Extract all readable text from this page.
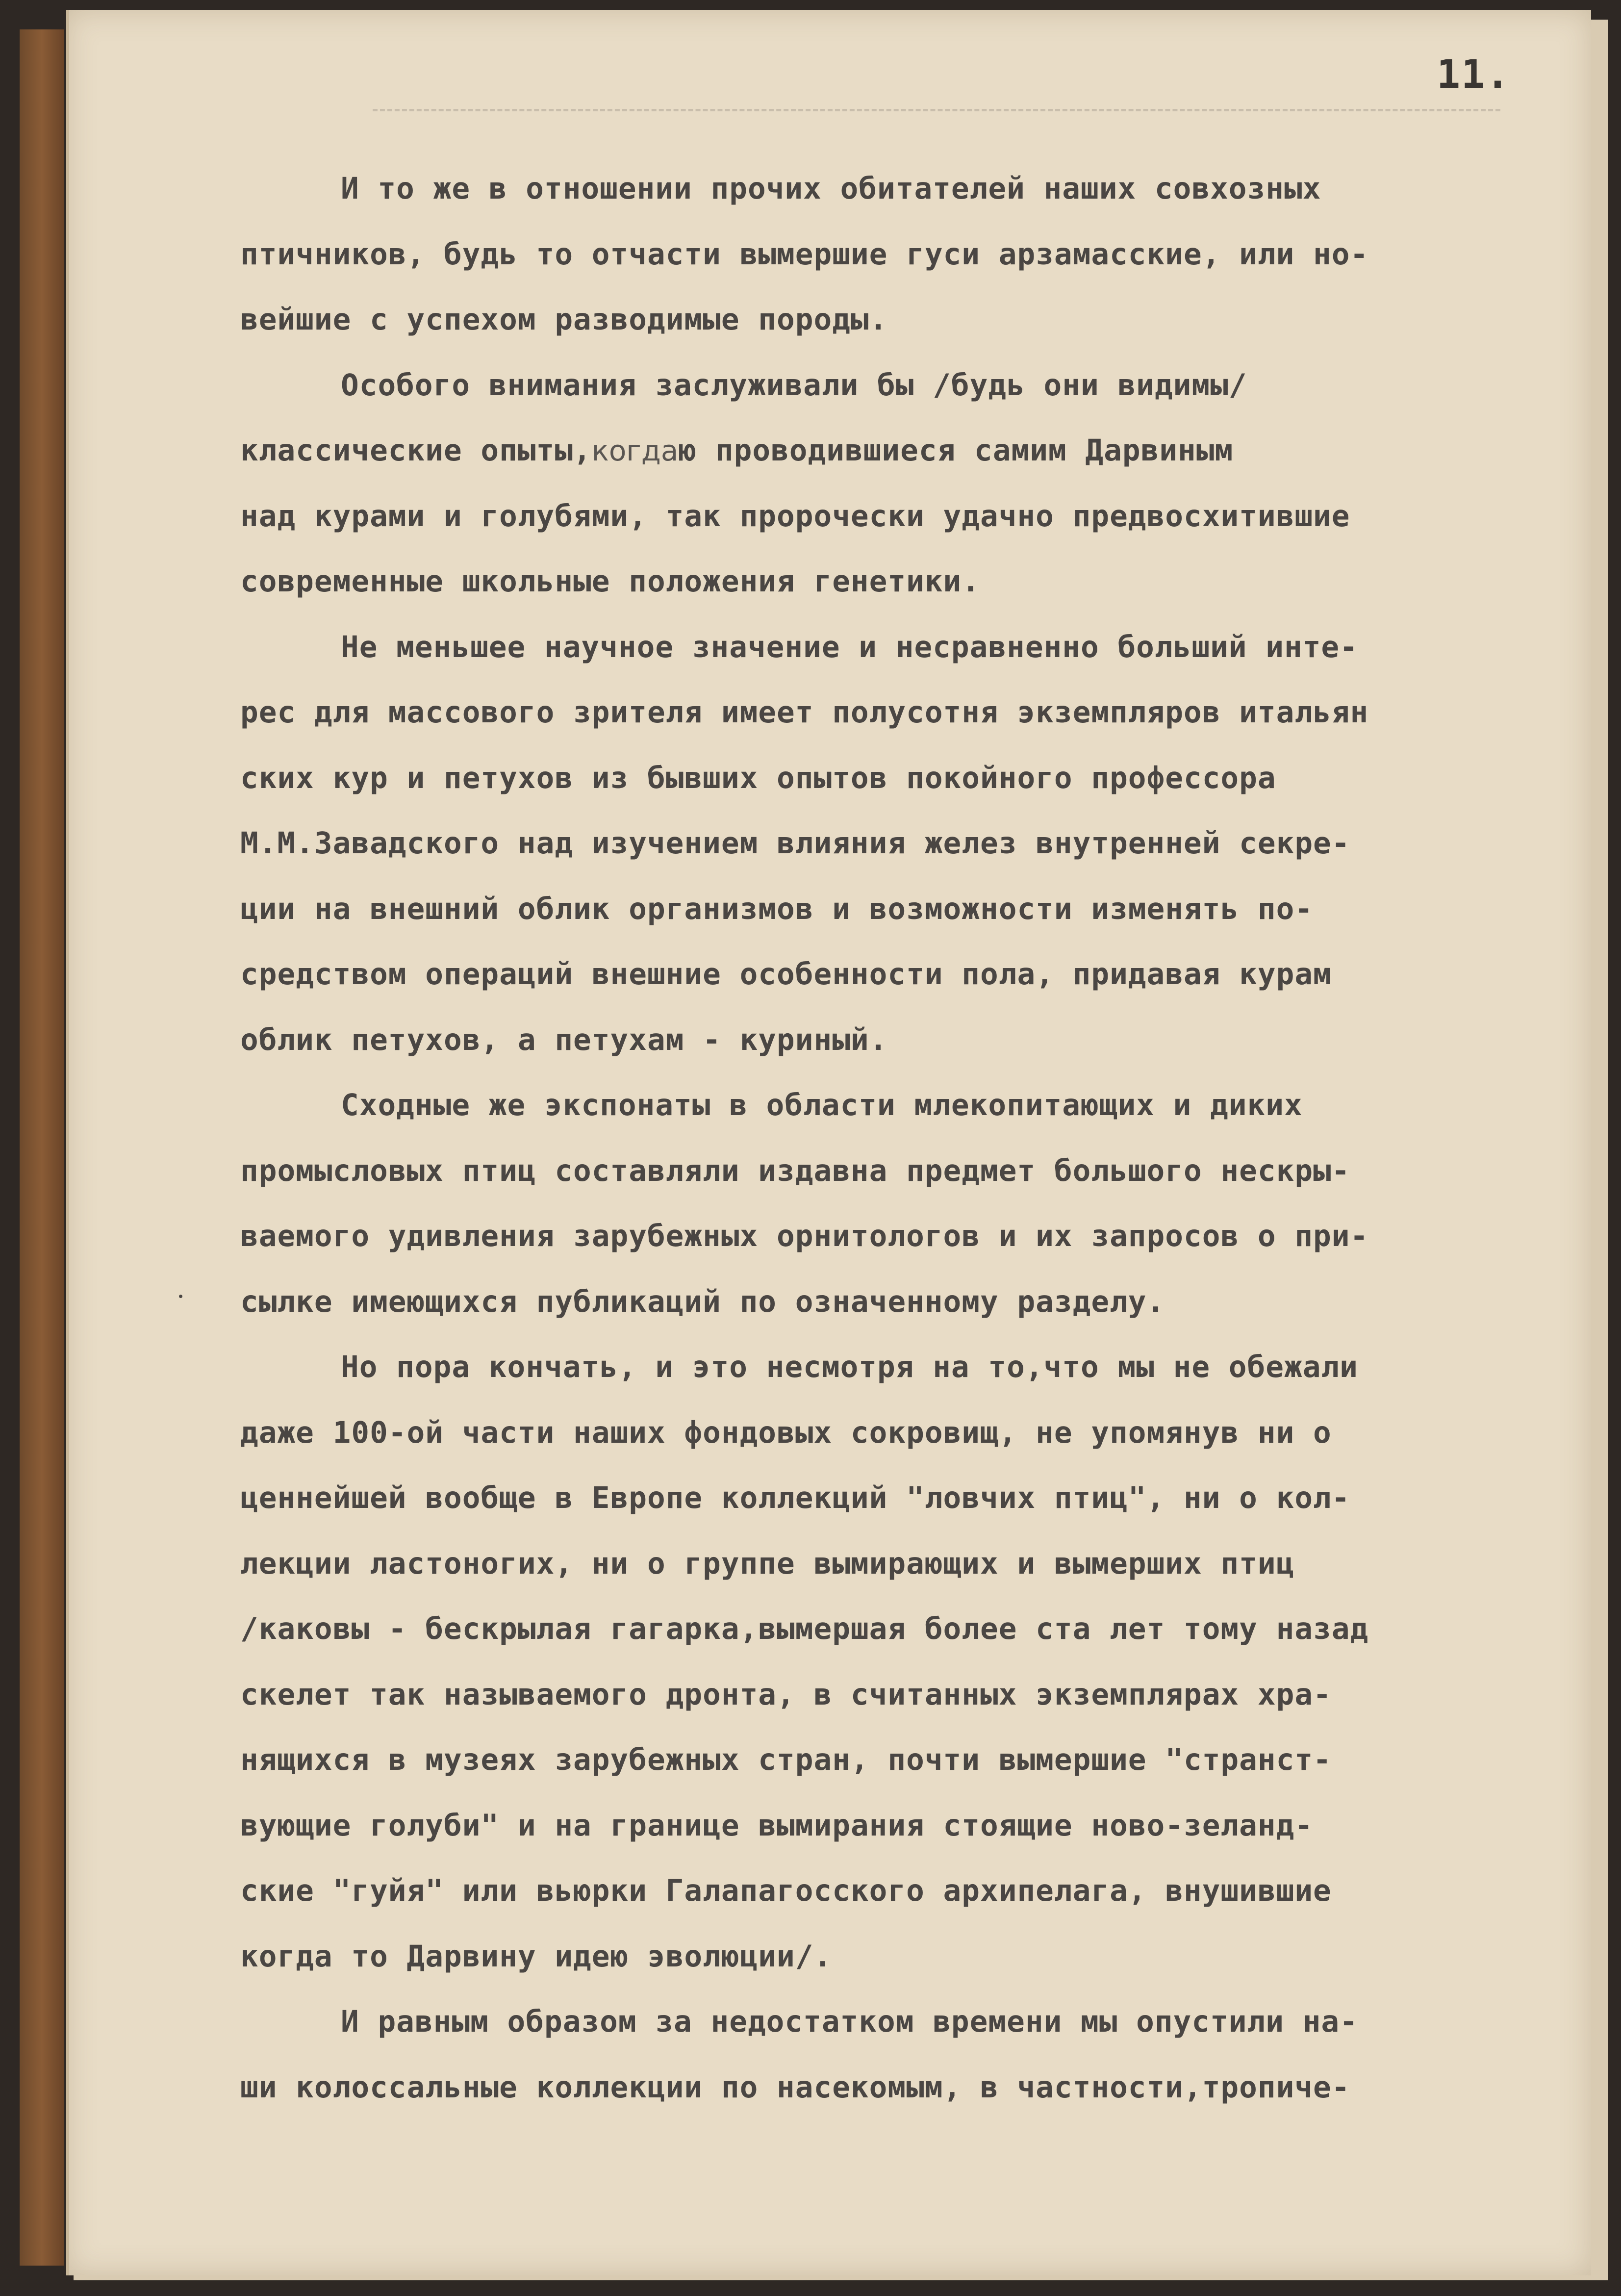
11.
И то же в отношении прочих обитателей наших совхозных
птичников, будь то отчасти вымершие гуси арзамасские, или но-
вейшие с успехом разводимые породы.
Особого внимания заслуживали бы /будь они видимы/
классические опыты,когдаю проводившиеся самим Дарвиным
над курами и голубями, так пророчески удачно предвосхитившие
современные школьные положения генетики.
Не меньшее научное значение и несравненно больший инте-
рес для массового зрителя имеет полусотня экземпляров итальян
ских кур и петухов из бывших опытов покойного профессора
М.М.Завадского над изучением влияния желез внутренней секре-
ции на внешний облик организмов и возможности изменять по-
средством операций внешние особенности пола, придавая курам
облик петухов, а петухам - куриный.
Сходные же экспонаты в области млекопитающих и диких
промысловых птиц составляли издавна предмет большого нескры-
ваемого удивления зарубежных орнитологов и их запросов о при-
сылке имеющихся публикаций по означенному разделу.
Но пора кончать, и это несмотря на то,что мы не обежали
даже 100-ой части наших фондовых сокровищ, не упомянув ни о
ценнейшей вообще в Европе коллекций "ловчих птиц", ни о кол-
лекции ластоногих, ни о группе вымирающих и вымерших птиц
/каковы - бескрылая гагарка,вымершая более ста лет тому назад
скелет так называемого дронта, в считанных экземплярах хра-
нящихся в музеях зарубежных стран, почти вымершие "странст-
вующие голуби" и на границе вымирания стоящие ново-зеланд-
ские "гуйя" или вьюрки Галапагосского архипелага, внушившие
когда то Дарвину идею эволюции/.
И равным образом за недостатком времени мы опустили на-
ши колоссальные коллекции по насекомым, в частности,тропиче-
